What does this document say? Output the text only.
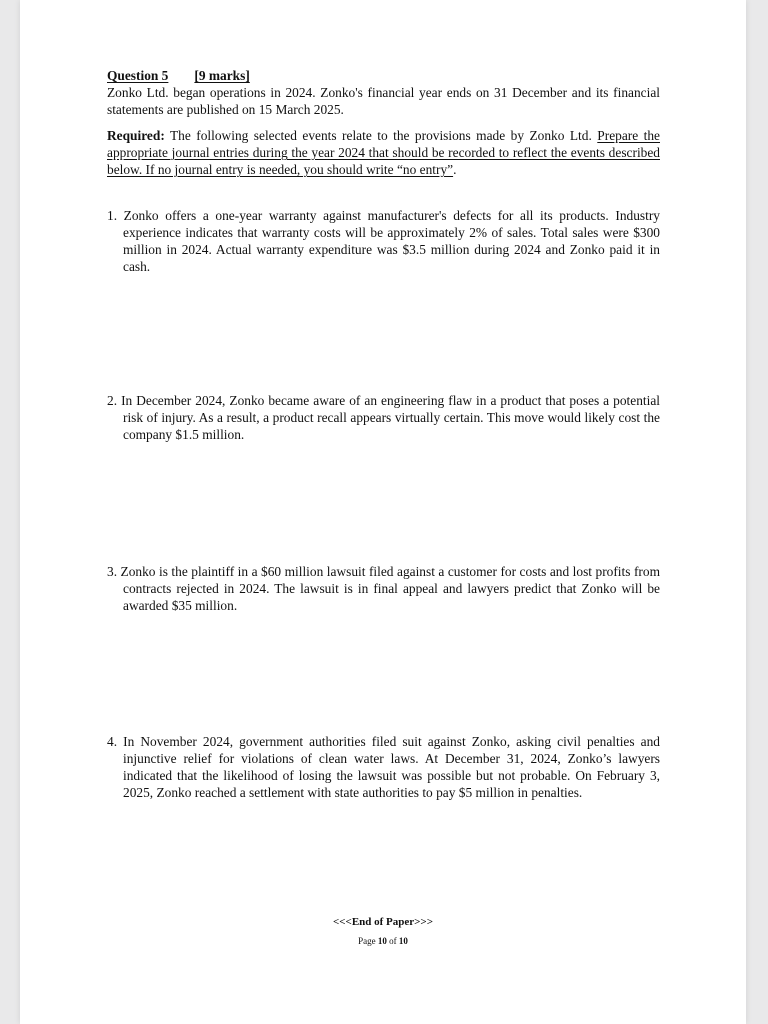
Question 5 [9 marks]

Zonko Ltd. began operations in 2024. Zonko's financial year ends on 31 December and its financial statements are published on 15 March 2025.

Required: The following selected events relate to the provisions made by Zonko Ltd. Prepare the appropriate journal entries during the year 2024 that should be recorded to reflect the events described below. If no journal entry is needed, you should write “no entry”.

1. Zonko offers a one-year warranty against manufacturer's defects for all its products. Industry experience indicates that warranty costs will be approximately 2% of sales. Total sales were $300 million in 2024. Actual warranty expenditure was $3.5 million during 2024 and Zonko paid it in cash.

2. In December 2024, Zonko became aware of an engineering flaw in a product that poses a potential risk of injury. As a result, a product recall appears virtually certain. This move would likely cost the company $1.5 million.

3. Zonko is the plaintiff in a $60 million lawsuit filed against a customer for costs and lost profits from contracts rejected in 2024. The lawsuit is in final appeal and lawyers predict that Zonko will be awarded $35 million.

4. In November 2024, government authorities filed suit against Zonko, asking civil penalties and injunctive relief for violations of clean water laws. At December 31, 2024, Zonko’s lawyers indicated that the likelihood of losing the lawsuit was possible but not probable. On February 3, 2025, Zonko reached a settlement with state authorities to pay $5 million in penalties.

<<<End of Paper>>>
Page 10 of 10
